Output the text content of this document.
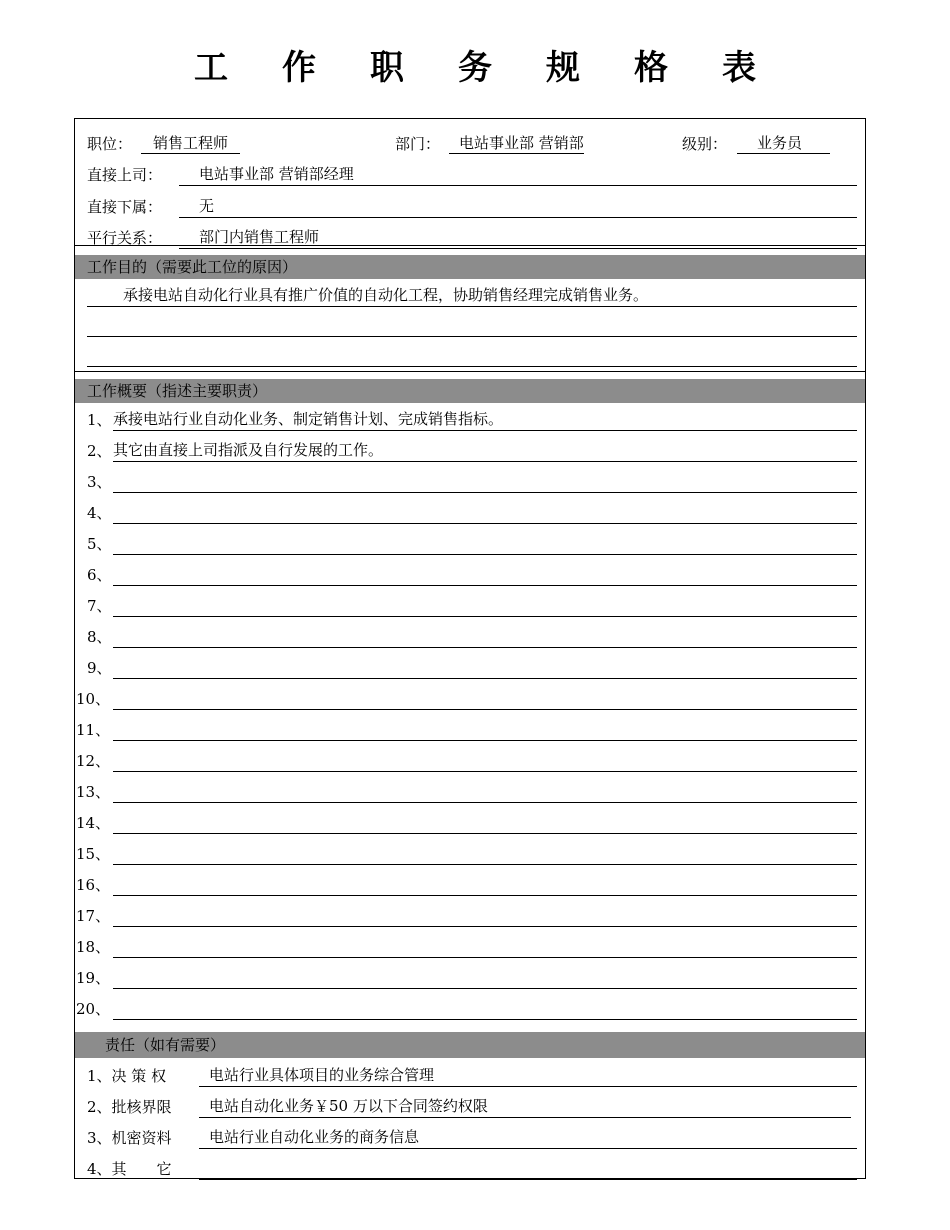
工 作 职 务 规 格 表
职位：	销售工程师	部门：	电站事业部 营销部	级别：	业务员
直接上司：	电站事业部 营销部经理
直接下属：	无
平行关系：	部门内销售工程师
工作目的（需要此工位的原因）
承接电站自动化行业具有推广价值的自动化工程，协助销售经理完成销售业务。
工作概要（指述主要职责）
1、 承接电站行业自动化业务、制定销售计划、完成销售指标。
2、 其它由直接上司指派及自行发展的工作。
3、
4、
5、
6、
7、
8、
9、
10、
11、
12、
13、
14、
15、
16、
17、
18、
19、
20、
责任（如有需要）
1、决 策 权	电站行业具体项目的业务综合管理
2、批核界限	电站自动化业务￥50 万以下合同签约权限
3、机密资料	电站行业自动化业务的商务信息
4、其　　它
